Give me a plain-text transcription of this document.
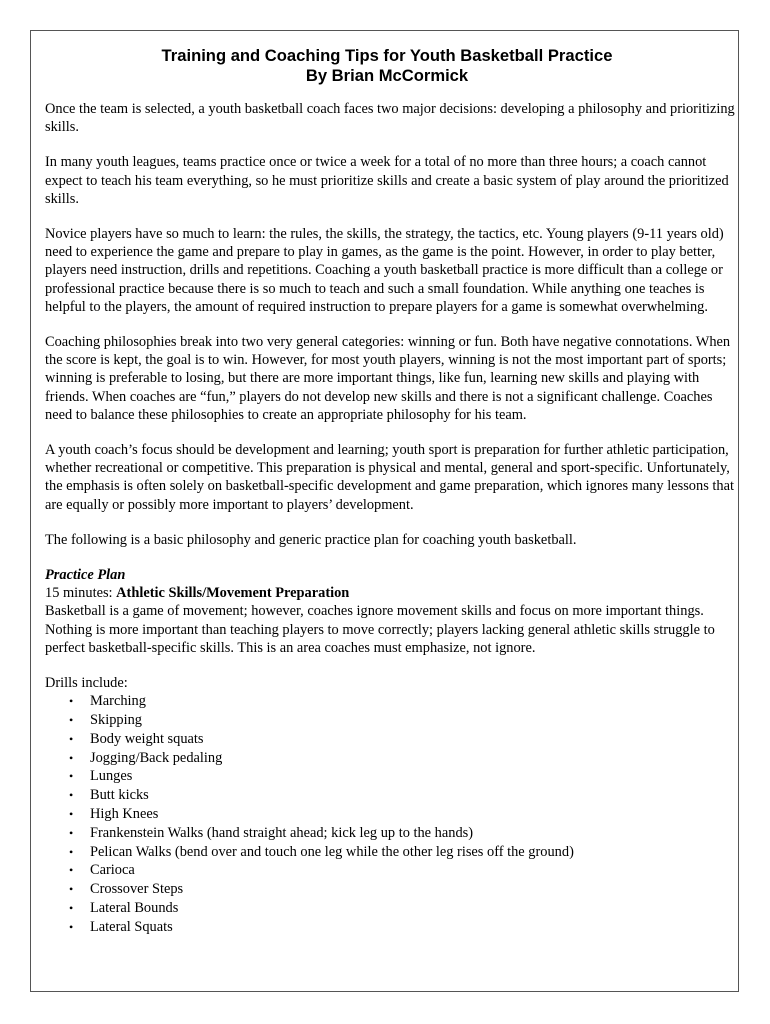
Training and Coaching Tips for Youth Basketball Practice
By Brian McCormick

Once the team is selected, a youth basketball coach faces two major decisions: developing a philosophy and prioritizing skills.

In many youth leagues, teams practice once or twice a week for a total of no more than three hours; a coach cannot expect to teach his team everything, so he must prioritize skills and create a basic system of play around the prioritized skills.

Novice players have so much to learn: the rules, the skills, the strategy, the tactics, etc. Young players (9-11 years old) need to experience the game and prepare to play in games, as the game is the point. However, in order to play better, players need instruction, drills and repetitions. Coaching a youth basketball practice is more difficult than a college or professional practice because there is so much to teach and such a small foundation. While anything one teaches is helpful to the players, the amount of required instruction to prepare players for a game is somewhat overwhelming.

Coaching philosophies break into two very general categories: winning or fun. Both have negative connotations. When the score is kept, the goal is to win. However, for most youth players, winning is not the most important part of sports; winning is preferable to losing, but there are more important things, like fun, learning new skills and playing with friends. When coaches are “fun,” players do not develop new skills and there is not a significant challenge. Coaches need to balance these philosophies to create an appropriate philosophy for his team.

A youth coach’s focus should be development and learning; youth sport is preparation for further athletic participation, whether recreational or competitive. This preparation is physical and mental, general and sport-specific. Unfortunately, the emphasis is often solely on basketball-specific development and game preparation, which ignores many lessons that are equally or possibly more important to players’ development.

The following is a basic philosophy and generic practice plan for coaching youth basketball.

Practice Plan

15 minutes: Athletic Skills/Movement Preparation

Basketball is a game of movement; however, coaches ignore movement skills and focus on more important things. Nothing is more important than teaching players to move correctly; players lacking general athletic skills struggle to perfect basketball-specific skills. This is an area coaches must emphasize, not ignore.

Drills include:

• Marching
• Skipping
• Body weight squats
• Jogging/Back pedaling
• Lunges
• Butt kicks
• High Knees
• Frankenstein Walks (hand straight ahead; kick leg up to the hands)
• Pelican Walks (bend over and touch one leg while the other leg rises off the ground)
• Carioca
• Crossover Steps
• Lateral Bounds
• Lateral Squats
